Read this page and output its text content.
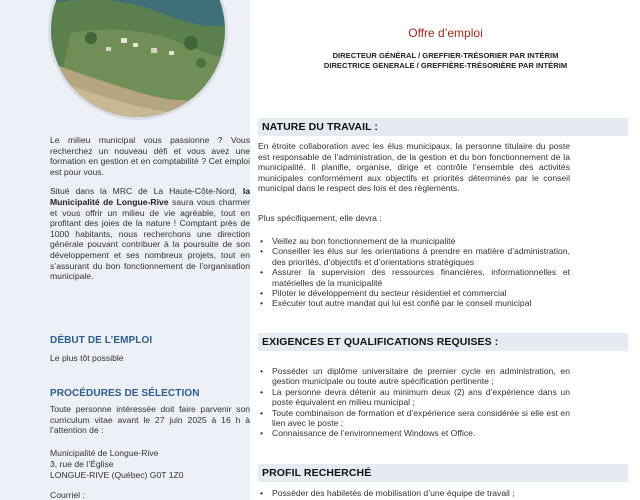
Le milieu municipal vous passionne ? Vous recherchez un nouveau défi et vous avez une formation en gestion et en comptabilité ? Cet emploi est pour vous.

Situé dans la MRC de La Haute-Côte-Nord, la Municipalité de Longue-Rive saura vous charmer et vous offrir un milieu de vie agréable, tout en profitant des joies de la nature ! Comptant près de 1000 habitants, nous recherchons une direction générale pouvant contribuer à la poursuite de son développement et ses nombreux projets, tout en s’assurant du bon fonctionnement de l’organisation municipale.

DÉBUT DE L’EMPLOI
Le plus tôt possible
PROCÉDURES DE SÉLECTION

Toute personne intéressée doit faire parvenir son curriculum vitae avant le 27 juin 2025 à 16 h à l’attention de :

Municipalité de Longue-Rive
3, rue de l’Église
LONGUE-RIVE (Québec) G0T 1Z0
Courriel :
Offre d’emploi
DIRECTEUR GÉNÉRAL / GREFFIER-TRÉSORIER PAR INTÉRIM
DIRECTRICE GENERALE / GREFFIÈRE-TRÉSORIÈRE PAR INTÉRIM
NATURE DU TRAVAIL :
En étroite collaboration avec les élus municipaux, la personne titulaire du poste est responsable de l’administration, de la gestion et du bon fonctionnement de la municipalité. Il planifie, organise, dirige et contrôle l’ensemble des activités municipales conformément aux objectifs et priorités déterminés par le conseil municipal dans le respect des lois et des règlements.
Plus spécifiquement, elle devra :
• Veillez au bon fonctionnement de la municipalité
• Conseiller les élus sur les orientations à prendre en matière d’administration, des priorités, d’objectifs et d’orientations stratégiques
• Assurer la supervision des ressources financières, informationnelles et matérielles de la municipalité
• Piloter le développement du secteur résidentiel et commercial
• Exécuter tout autre mandat qui lui est confié par le conseil municipal
EXIGENCES ET QUALIFICATIONS REQUISES :
• Posséder un diplôme universitaire de premier cycle en administration, en gestion municipale ou toute autre spécification pertinente ;
• La personne devra détenir au minimum deux (2) ans d’expérience dans un poste équivalent en milieu municipal ;
• Toute combinaison de formation et d’expérience sera considérée si elle est en lien avec le poste ;
• Connaissance de l’environnement Windows et Office.
PROFIL RECHERCHÉ
• Posséder des habiletés de mobilisation d’une équipe de travail ;
